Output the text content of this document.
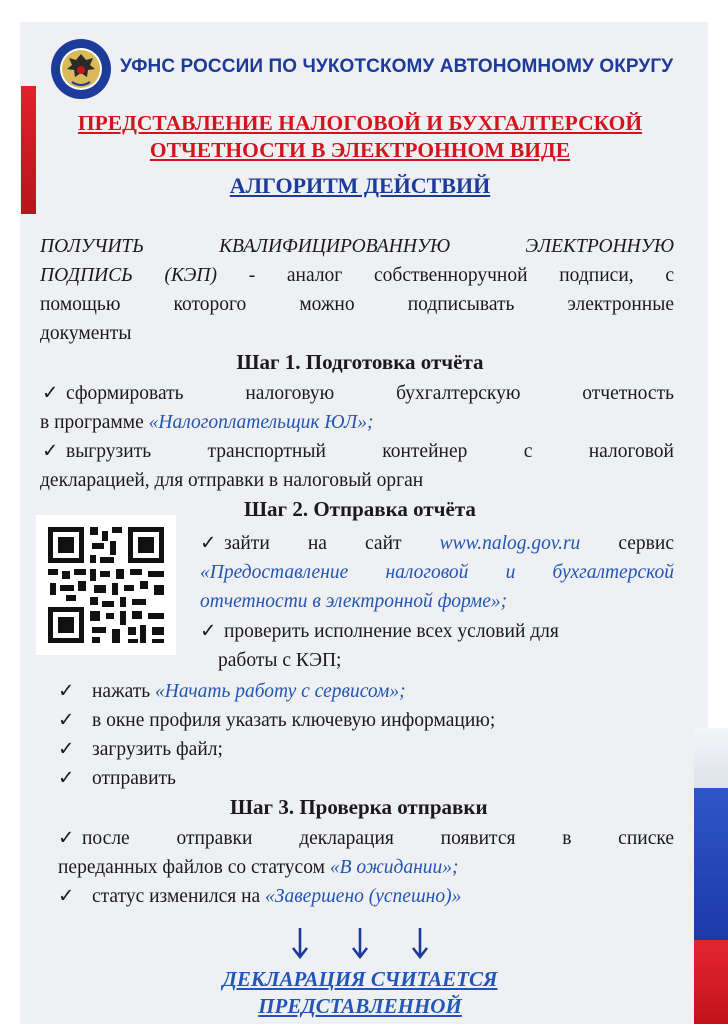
УФНС РОССИИ ПО ЧУКОТСКОМУ АВТОНОМНОМУ ОКРУГУ
ПРЕДСТАВЛЕНИЕ НАЛОГОВОЙ И БУХГАЛТЕРСКОЙ
ОТЧЕТНОСТИ В ЭЛЕКТРОННОМ ВИДЕ
АЛГОРИТМ ДЕЙСТВИЙ
ПОЛУЧИТЬ КВАЛИФИЦИРОВАННУЮ ЭЛЕКТРОННУЮ
ПОДПИСЬ (КЭП) - аналог собственноручной подписи, с
помощью которого можно подписывать электронные
документы
Шаг 1. Подготовка отчёта
✓ сформировать налоговую бухгалтерскую отчетность
в программе «Налогоплательщик ЮЛ»;
✓ выгрузить транспортный контейнер с налоговой
декларацией, для отправки в налоговый орган
Шаг 2. Отправка отчёта
✓ зайти на сайт www.nalog.gov.ru сервис
«Предоставление налоговой и бухгалтерской
отчетности в электронной форме»;
✓ проверить исполнение всех условий для
работы с КЭП;
✓ нажать «Начать работу с сервисом»;
✓ в окне профиля указать ключевую информацию;
✓ загрузить файл;
✓ отправить
Шаг 3. Проверка отправки
✓ после отправки декларация появится в списке
переданных файлов со статусом «В ожидании»;
✓ статус изменился на «Завершено (успешно)»
ДЕКЛАРАЦИЯ СЧИТАЕТСЯ
ПРЕДСТАВЛЕННОЙ
